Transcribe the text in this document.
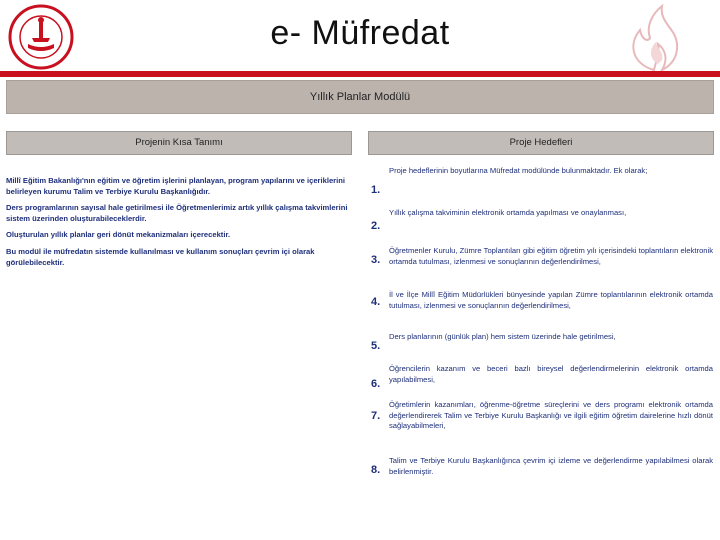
e- Müfredat
Yıllık Planlar Modülü
Projenin Kısa Tanımı	Proje Hedefleri

Millî Eğitim Bakanlığı'nın eğitim ve öğretim işlerini planlayan, program yapılarını ve içeriklerini belirleyen kurumu Talim ve Terbiye Kurulu Başkanlığıdır.

Ders programlarının sayısal hale getirilmesi ile Öğretmenlerimiz artık yıllık çalışma takvimlerini sistem üzerinden oluşturabileceklerdir.

Oluşturulan yıllık planlar geri dönüt mekanizmaları içerecektir.

Bu modül ile müfredatın sistemde kullanılması ve kullanım sonuçları çevrim içi olarak görülebilecektir.

1.
Proje hedeflerinin boyutlarına Müfredat modülünde bulunmaktadır. Ek olarak;
2.
Yıllık çalışma takviminin elektronik ortamda yapılması ve onaylanması,
3.
Öğretmenler Kurulu, Zümre Toplantıları gibi eğitim öğretim yılı içerisindeki toplantıların elektronik ortamda tutulması, izlenmesi ve sonuçlarının değerlendirilmesi,
4.
İl ve İlçe Millî Eğitim Müdürlükleri bünyesinde yapılan Zümre toplantılarının elektronik ortamda tutulması, izlenmesi ve sonuçlarının değerlendirilmesi,
5.
Ders planlarının (günlük plan) hem sistem üzerinde hale getirilmesi,
6.
Öğrencilerin kazanım ve beceri bazlı bireysel değerlendirmelerinin elektronik ortamda yapılabilmesi,
7.
Öğretimlerin kazanımları, öğrenme-öğretme süreçlerini ve ders programı elektronik ortamda değerlendirerek Talim ve Terbiye Kurulu Başkanlığı ve ilgili eğitim öğretim dairelerine hızlı dönüt sağlayabilmeleri,
8.
Talim ve Terbiye Kurulu Başkanlığınca çevrim içi izleme ve değerlendirme yapılabilmesi olarak belirlenmiştir.
